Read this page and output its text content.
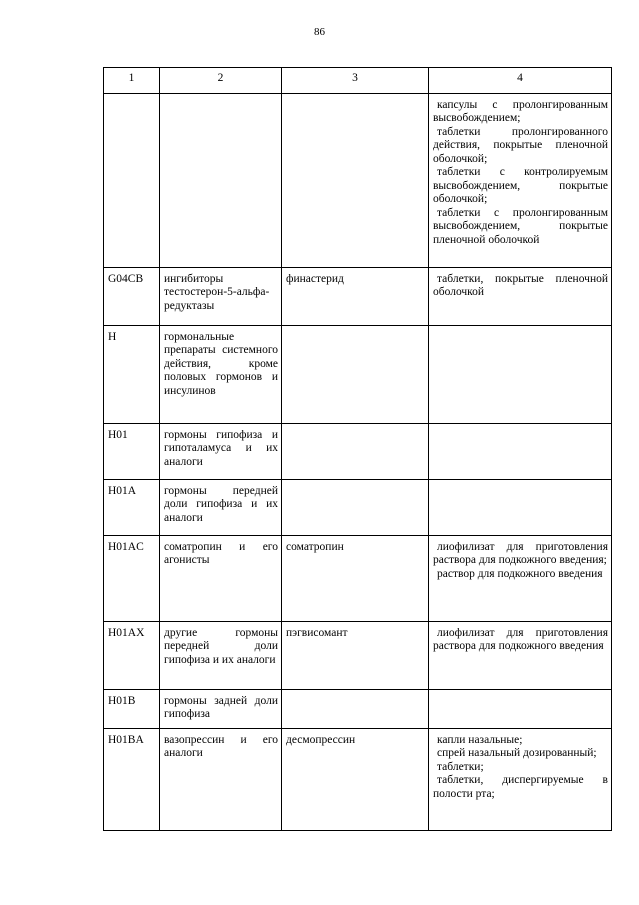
86
1	2	3	4

			капсулы с пролонгированным высвобождением;
таблетки пролонгированного действия, покрытые пленочной оболочкой;
таблетки с контролируемым высвобождением, покрытые оболочкой;
таблетки с пролонгированным высвобождением, покрытые пленочной оболочкой

G04CB	ингибиторы тестостерон-5-альфа-редуктазы	финастерид	таблетки, покрытые пленочной оболочкой

H	гормональные препараты системного действия, кроме половых гормонов и инсулинов		
H01	гормоны гипофиза и гипоталамуса и их аналоги		
H01A	гормоны передней доли гипофиза и их аналоги		
H01AC	соматропин и его агонисты	соматропин	лиофилизат для приготовления раствора для подкожного введения;
раствор для подкожного введения

H01AX	другие гормоны передней доли гипофиза и их аналоги	пэгвисомант	лиофилизат для приготовления раствора для подкожного введения

H01B	гормоны задней доли гипофиза		
H01BA	вазопрессин и его аналоги	десмопрессин	капли назальные;
спрей назальный дозированный;
таблетки;
таблетки, диспергируемые в полости рта;
